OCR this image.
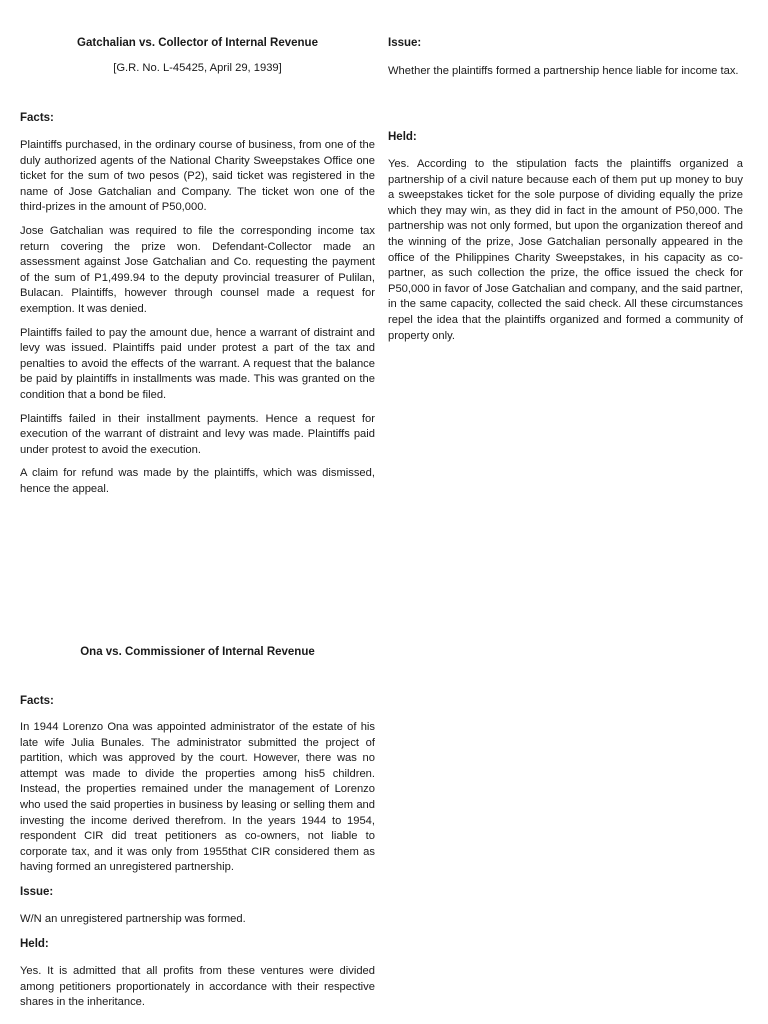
Gatchalian vs. Collector of Internal Revenue
[G.R. No. L-45425, April 29, 1939]
Facts:

Plaintiffs purchased, in the ordinary course of business, from one of the duly authorized agents of the National Charity Sweepstakes Office one ticket for the sum of two pesos (P2), said ticket was registered in the name of Jose Gatchalian and Company. The ticket won one of the third-prizes in the amount of P50,000.

Jose Gatchalian was required to file the corresponding income tax return covering the prize won. Defendant-Collector made an assessment against Jose Gatchalian and Co. requesting the payment of the sum of P1,499.94 to the deputy provincial treasurer of Pulilan, Bulacan. Plaintiffs, however through counsel made a request for exemption. It was denied.

Plaintiffs failed to pay the amount due, hence a warrant of distraint and levy was issued. Plaintiffs paid under protest a part of the tax and penalties to avoid the effects of the warrant. A request that the balance be paid by plaintiffs in installments was made. This was granted on the condition that a bond be filed.

Plaintiffs failed in their installment payments. Hence a request for execution of the warrant of distraint and levy was made. Plaintiffs paid under protest to avoid the execution.

A claim for refund was made by the plaintiffs, which was dismissed, hence the appeal.

Issue:

Whether the plaintiffs formed a partnership hence liable for income tax.

Held:

Yes. According to the stipulation facts the plaintiffs organized a partnership of a civil nature because each of them put up money to buy a sweepstakes ticket for the sole purpose of dividing equally the prize which they may win, as they did in fact in the amount of P50,000. The partnership was not only formed, but upon the organization thereof and the winning of the prize, Jose Gatchalian personally appeared in the office of the Philippines Charity Sweepstakes, in his capacity as co-partner, as such collection the prize, the office issued the check for P50,000 in favor of Jose Gatchalian and company, and the said partner, in the same capacity, collected the said check. All these circumstances repel the idea that the plaintiffs organized and formed a community of property only.

Ona vs. Commissioner of Internal Revenue
Facts:

In 1944 Lorenzo Ona was appointed administrator of the estate of his late wife Julia Bunales. The administrator submitted the project of partition, which was approved by the court. However, there was no attempt was made to divide the properties among his5 children. Instead, the properties remained under the management of Lorenzo who used the said properties in business by leasing or selling them and investing the income derived therefrom. In the years 1944 to 1954, respondent CIR did treat petitioners as co-owners, not liable to corporate tax, and it was only from 1955that CIR considered them as having formed an unregistered partnership.

Issue:

W/N an unregistered partnership was formed.

Held:

Yes. It is admitted that all profits from these ventures were divided among petitioners proportionately in accordance with their respective shares in the inheritance.
